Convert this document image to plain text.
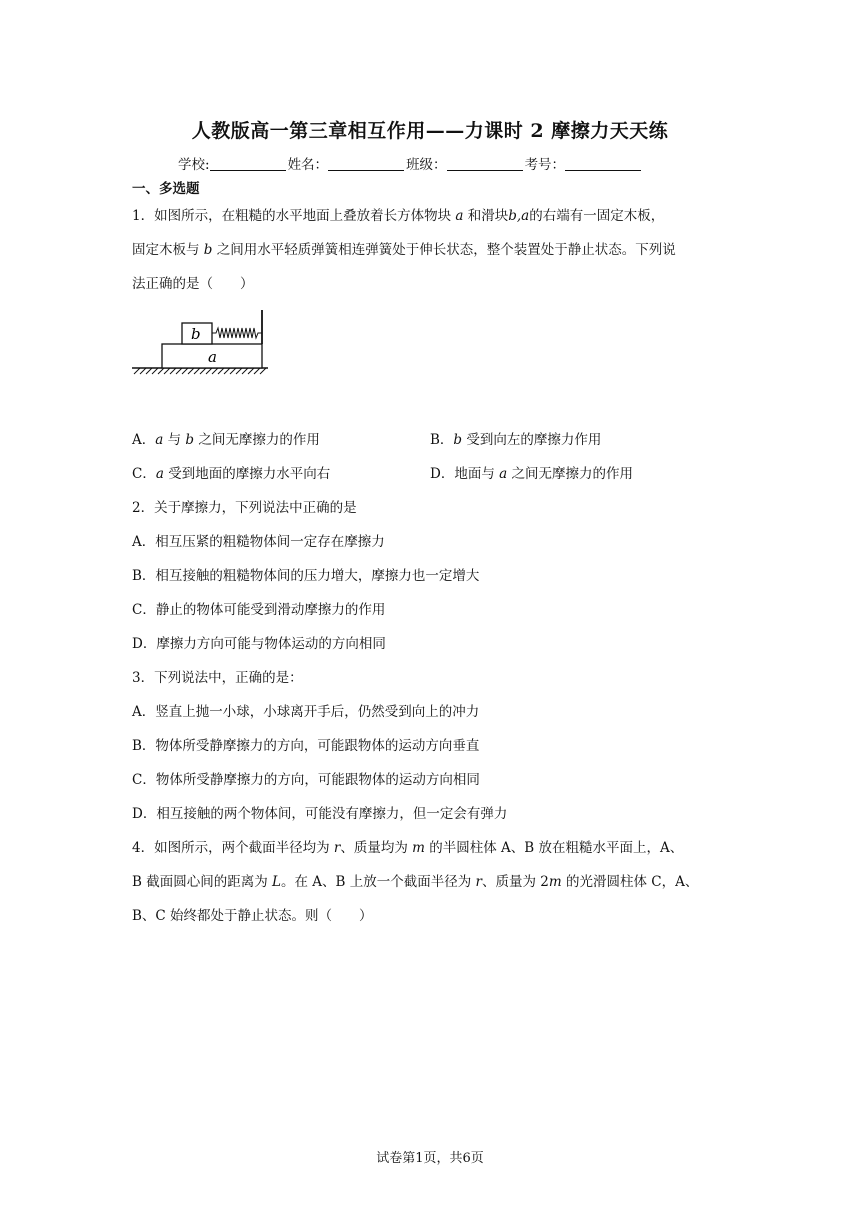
人教版高一第三章相互作用——力课时 2 摩擦力天天练
学校:	姓名：	班级：	考号：
一、多选题
1．如图所示，在粗糙的水平地面上叠放着长方体物块 a 和滑块b,a的右端有一固定木板，
固定木板与 b 之间用水平轻质弹簧相连弹簧处于伸长状态，整个装置处于静止状态。下列说
法正确的是（　　）
a
b
A．a 与 b 之间无摩擦力的作用	B．b 受到向左的摩擦力作用
C．a 受到地面的摩擦力水平向右	D．地面与 a 之间无摩擦力的作用
2．关于摩擦力，下列说法中正确的是
A．相互压紧的粗糙物体间一定存在摩擦力
B．相互接触的粗糙物体间的压力增大，摩擦力也一定增大
C．静止的物体可能受到滑动摩擦力的作用
D．摩擦力方向可能与物体运动的方向相同
3．下列说法中，正确的是：
A．竖直上抛一小球，小球离开手后，仍然受到向上的冲力
B．物体所受静摩擦力的方向，可能跟物体的运动方向垂直
C．物体所受静摩擦力的方向，可能跟物体的运动方向相同
D．相互接触的两个物体间，可能没有摩擦力，但一定会有弹力
4．如图所示，两个截面半径均为 r、质量均为 m 的半圆柱体 A、B 放在粗糙水平面上，A、
B 截面圆心间的距离为 L。在 A、B 上放一个截面半径为 r、质量为 2m 的光滑圆柱体 C，A、
B、C 始终都处于静止状态。则（　　）
试卷第1页，共6页
